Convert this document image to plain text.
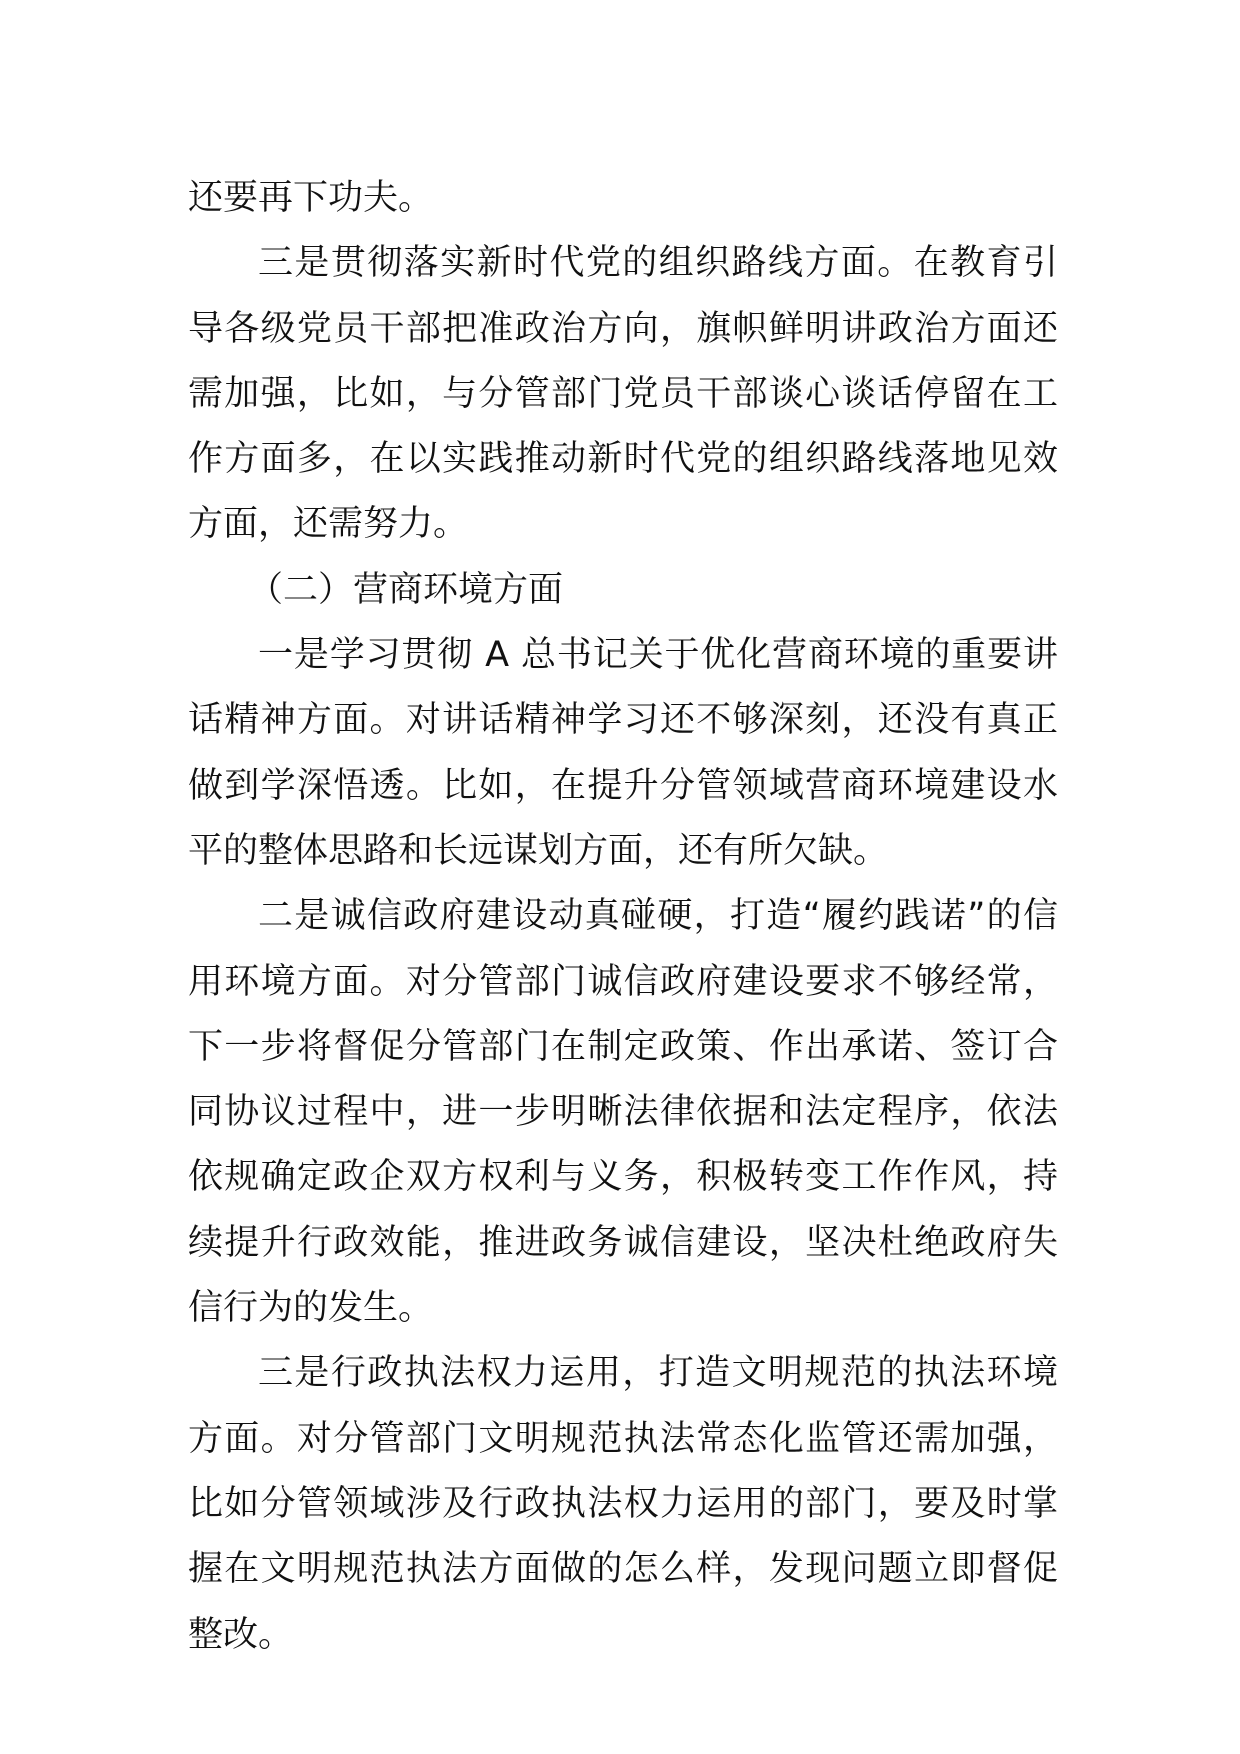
还要再下功夫。

三是贯彻落实新时代党的组织路线方面。在教育引导各级党员干部把准政治方向，旗帜鲜明讲政治方面还需加强，比如，与分管部门党员干部谈心谈话停留在工作方面多，在以实践推动新时代党的组织路线落地见效方面，还需努力。

（二）营商环境方面

一是学习贯彻 A 总书记关于优化营商环境的重要讲话精神方面。对讲话精神学习还不够深刻，还没有真正做到学深悟透。比如，在提升分管领域营商环境建设水平的整体思路和长远谋划方面，还有所欠缺。

二是诚信政府建设动真碰硬，打造“履约践诺”的信用环境方面。对分管部门诚信政府建设要求不够经常，下一步将督促分管部门在制定政策、作出承诺、签订合同协议过程中，进一步明晰法律依据和法定程序，依法依规确定政企双方权利与义务，积极转变工作作风，持续提升行政效能，推进政务诚信建设，坚决杜绝政府失信行为的发生。

三是行政执法权力运用，打造文明规范的执法环境方面。对分管部门文明规范执法常态化监管还需加强，比如分管领域涉及行政执法权力运用的部门，要及时掌握在文明规范执法方面做的怎么样，发现问题立即督促整改。
